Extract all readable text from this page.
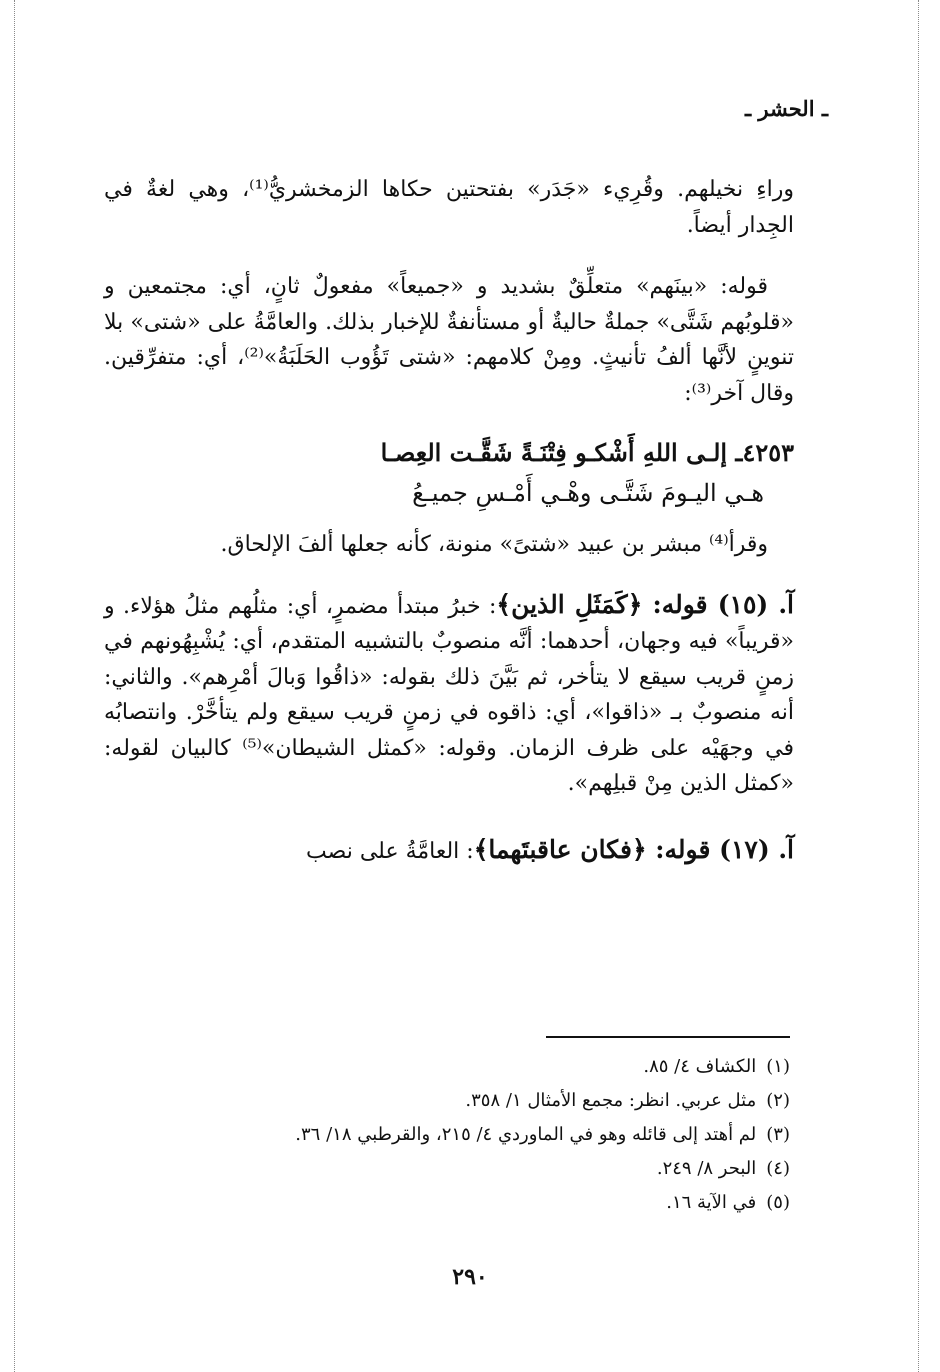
ـ الحشر ـ

وراءِ نخيلهم. وقُرِيء «جَدَر» بفتحتين حكاها الزمخشريُّ⁽¹⁾، وهي لغةٌ في الجِدار أيضاً.

قوله: «بينَهم» متعلِّقٌ بشديد و «جميعاً» مفعولٌ ثانٍ، أي: مجتمعين و «قلوبُهم شَتَّى» جملةٌ حاليةٌ أو مستأنفةٌ للإخبار بذلك. والعامَّةُ على «شتى» بلا تنوينٍ لأنَّها ألفُ تأنيثٍ. ومِنْ كلامهم: «شتى تَؤُوب الحَلَبَةُ»⁽²⁾، أي: متفرِّقين. وقال آخر⁽³⁾:

٤٢٥٣ـ إلـى اللهِ أَشْكـو فِتْنَـةً شَقَّـت العِصـا

هـي اليـومَ شَتَّـى وهْـي أَمْـسِ جميـعُ

وقرأ⁽⁴⁾ مبشر بن عبيد «شتىً» منونة، كأنه جعلها ألفَ الإلحاق.

آ. (١٥) قوله: ﴿كَمَثَلِ الذين﴾: خبرُ مبتدأ مضمرٍ، أي: مثلُهم مثلُ هؤلاء. و «قريباً» فيه وجهان، أحدهما: أنَّه منصوبٌ بالتشبيه المتقدم، أي: يُشْبِهُونهم في زمنٍ قريب سيقع لا يتأخر، ثم بَيَّنَ ذلك بقوله: «ذاقُوا وَبالَ أمْرِهم». والثاني: أنه منصوبٌ بـ «ذاقوا»، أي: ذاقوه في زمنٍ قريب سيقع ولم يتأخَّرْ. وانتصابُه في وجهَيْه على ظرف الزمان. وقوله: «كمثل الشيطان»⁽⁵⁾ كالبيان لقوله: «كمثل الذين مِنْ قبلِهم».

آ. (١٧) قوله: ﴿فكان عاقبتَهما﴾: العامَّةُ على نصب

(١)الكشاف ٤/ ٨٥.

(٢)مثل عربي. انظر: مجمع الأمثال ١/ ٣٥٨.

(٣)لم أهتد إلى قائله وهو في الماوردي ٤/ ٢١٥، والقرطبي ١٨/ ٣٦.

(٤)البحر ٨/ ٢٤٩.

(٥)في الآية ١٦.

٢٩٠
